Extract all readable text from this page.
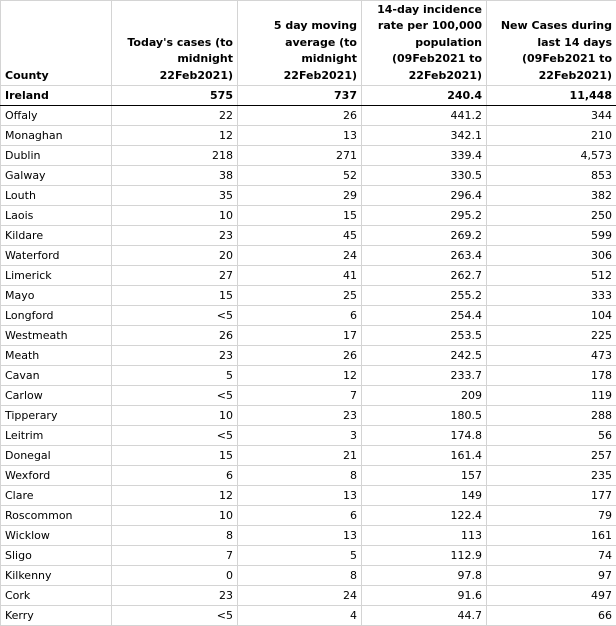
County	Today's cases (to midnight 22Feb2021)	5 day moving average (to midnight 22Feb2021)	14-day incidence rate per 100,000 population (09Feb2021 to 22Feb2021)	New Cases during last 14 days (09Feb2021 to 22Feb2021)
Ireland	575	737	240.4	11,448
Offaly	22	26	441.2	344
Monaghan	12	13	342.1	210
Dublin	218	271	339.4	4,573
Galway	38	52	330.5	853
Louth	35	29	296.4	382
Laois	10	15	295.2	250
Kildare	23	45	269.2	599
Waterford	20	24	263.4	306
Limerick	27	41	262.7	512
Mayo	15	25	255.2	333
Longford	<5	6	254.4	104
Westmeath	26	17	253.5	225
Meath	23	26	242.5	473
Cavan	5	12	233.7	178
Carlow	<5	7	209	119
Tipperary	10	23	180.5	288
Leitrim	<5	3	174.8	56
Donegal	15	21	161.4	257
Wexford	6	8	157	235
Clare	12	13	149	177
Roscommon	10	6	122.4	79
Wicklow	8	13	113	161
Sligo	7	5	112.9	74
Kilkenny	0	8	97.8	97
Cork	23	24	91.6	497
Kerry	<5	4	44.7	66
